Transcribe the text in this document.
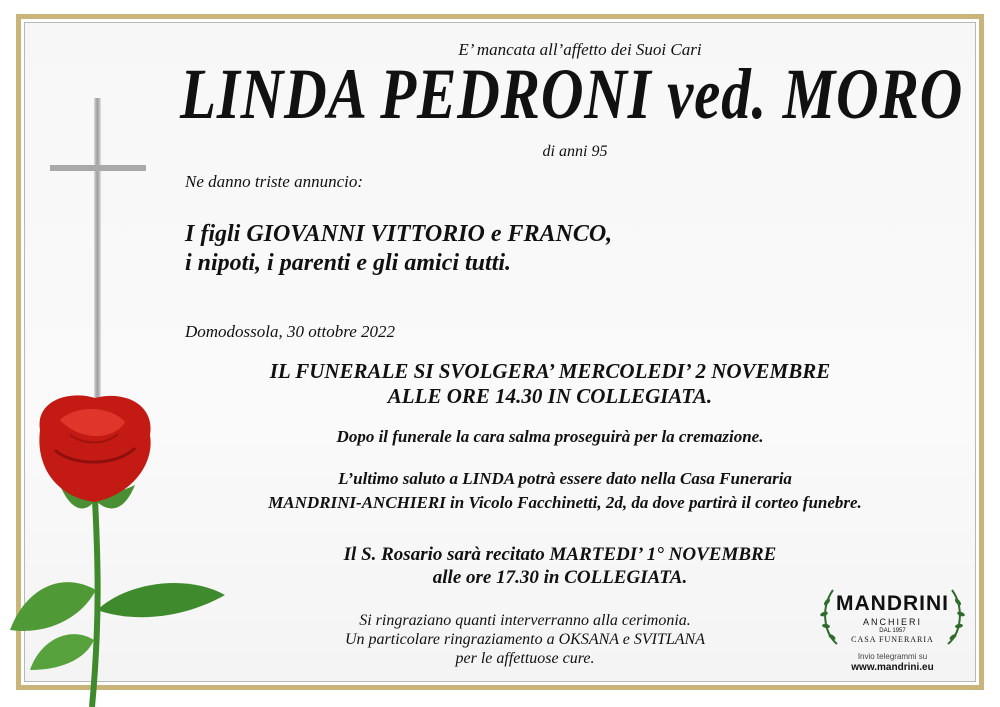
E’ mancata all’affetto dei Suoi Cari
LINDA PEDRONI ved. MORO
di anni 95
Ne danno triste annuncio:
I figli GIOVANNI VITTORIO e FRANCO,
i nipoti, i parenti e gli amici tutti.
Domodossola, 30 ottobre 2022
IL FUNERALE SI SVOLGERA’ MERCOLEDI’ 2 NOVEMBRE
ALLE ORE 14.30 IN COLLEGIATA.
Dopo il funerale la cara salma proseguirà per la cremazione.
L’ultimo saluto a LINDA potrà essere dato nella Casa Funeraria
MANDRINI-ANCHIERI in Vicolo Facchinetti, 2d, da dove partirà il corteo funebre.
Il S. Rosario sarà recitato MARTEDI’ 1° NOVEMBRE
alle ore 17.30 in COLLEGIATA.
Si ringraziano quanti interverranno alla cerimonia.
Un particolare ringraziamento a OKSANA e SVITLANA
per le affettuose cure.
MANDRINI
ANCHIERI
DAL 1957
CASA FUNERARIA
Invio telegrammi su
www.mandrini.eu
